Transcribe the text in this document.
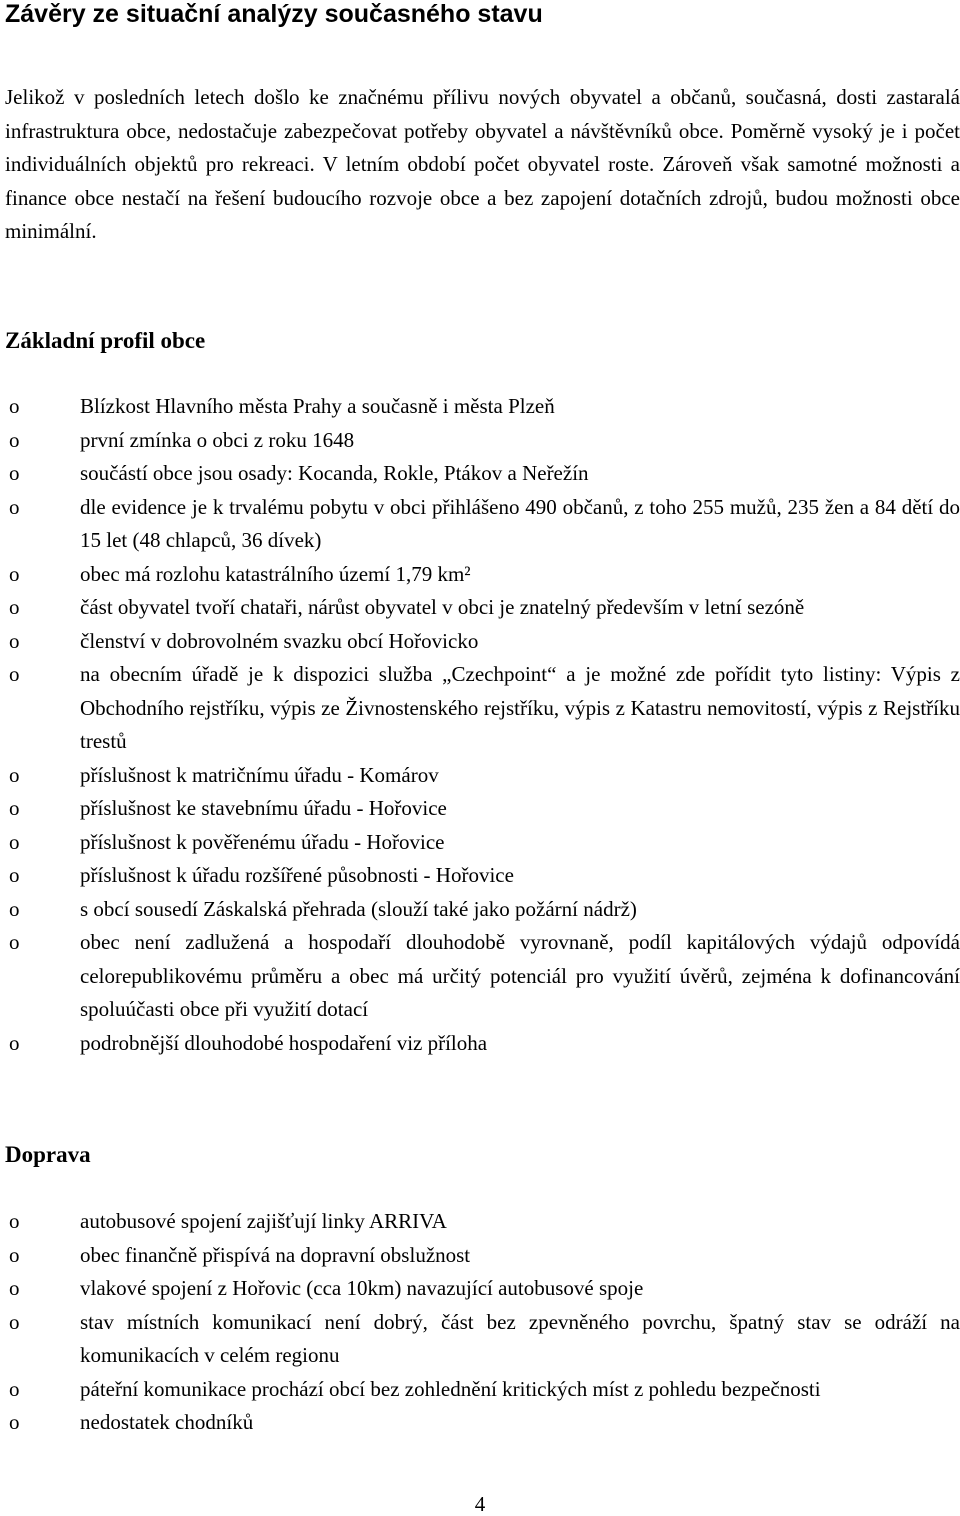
Závěry ze situační analýzy současného stavu

Jelikož v posledních letech došlo ke značnému přílivu nových obyvatel a občanů, současná, dosti zastaralá infrastruktura obce, nedostačuje zabezpečovat potřeby obyvatel a návštěvníků obce. Poměrně vysoký je i počet individuálních objektů pro rekreaci. V letním období počet obyvatel roste. Zároveň však samotné možnosti a finance obce nestačí na řešení budoucího rozvoje obce a bez zapojení dotačních zdrojů, budou možnosti obce minimální.

Základní profil obce
o	Blízkost Hlavního města Prahy a současně i města Plzeň
o	první zmínka o obci z roku 1648
o	součástí obce jsou osady: Kocanda, Rokle, Ptákov a Neřežín
o	dle evidence je k trvalému pobytu v obci přihlášeno 490 občanů, z toho 255 mužů, 235 žen a 84 dětí do 15 let (48 chlapců, 36 dívek)
o	obec má rozlohu katastrálního území 1,79 km²
o	část obyvatel tvoří chataři, nárůst obyvatel v obci je znatelný především v letní sezóně
o	členství v dobrovolném svazku obcí Hořovicko
o	na obecním úřadě je k dispozici služba „Czechpoint“ a je možné zde pořídit tyto listiny: Výpis z Obchodního rejstříku, výpis ze Živnostenského rejstříku, výpis z Katastru nemovitostí, výpis z Rejstříku trestů
o	příslušnost k matričnímu úřadu - Komárov
o	příslušnost ke stavebnímu úřadu - Hořovice
o	příslušnost k pověřenému úřadu - Hořovice
o	příslušnost k úřadu rozšířené působnosti - Hořovice
o	s obcí sousedí Záskalská přehrada (slouží také jako požární nádrž)
o	obec není zadlužená a hospodaří dlouhodobě vyrovnaně, podíl kapitálových výdajů odpovídá celorepublikovému průměru a obec má určitý potenciál pro využití úvěrů, zejména k dofinancování spoluúčasti obce při využití dotací
o	podrobnější dlouhodobé hospodaření viz příloha
Doprava
o	autobusové spojení zajišťují linky ARRIVA
o	obec finančně přispívá na dopravní obslužnost
o	vlakové spojení z Hořovic (cca 10km) navazující autobusové spoje
o	stav místních komunikací není dobrý, část bez zpevněného povrchu, špatný stav se odráží na komunikacích v celém regionu
o	páteřní komunikace prochází obcí bez zohlednění kritických míst z pohledu bezpečnosti
o	nedostatek chodníků
4
